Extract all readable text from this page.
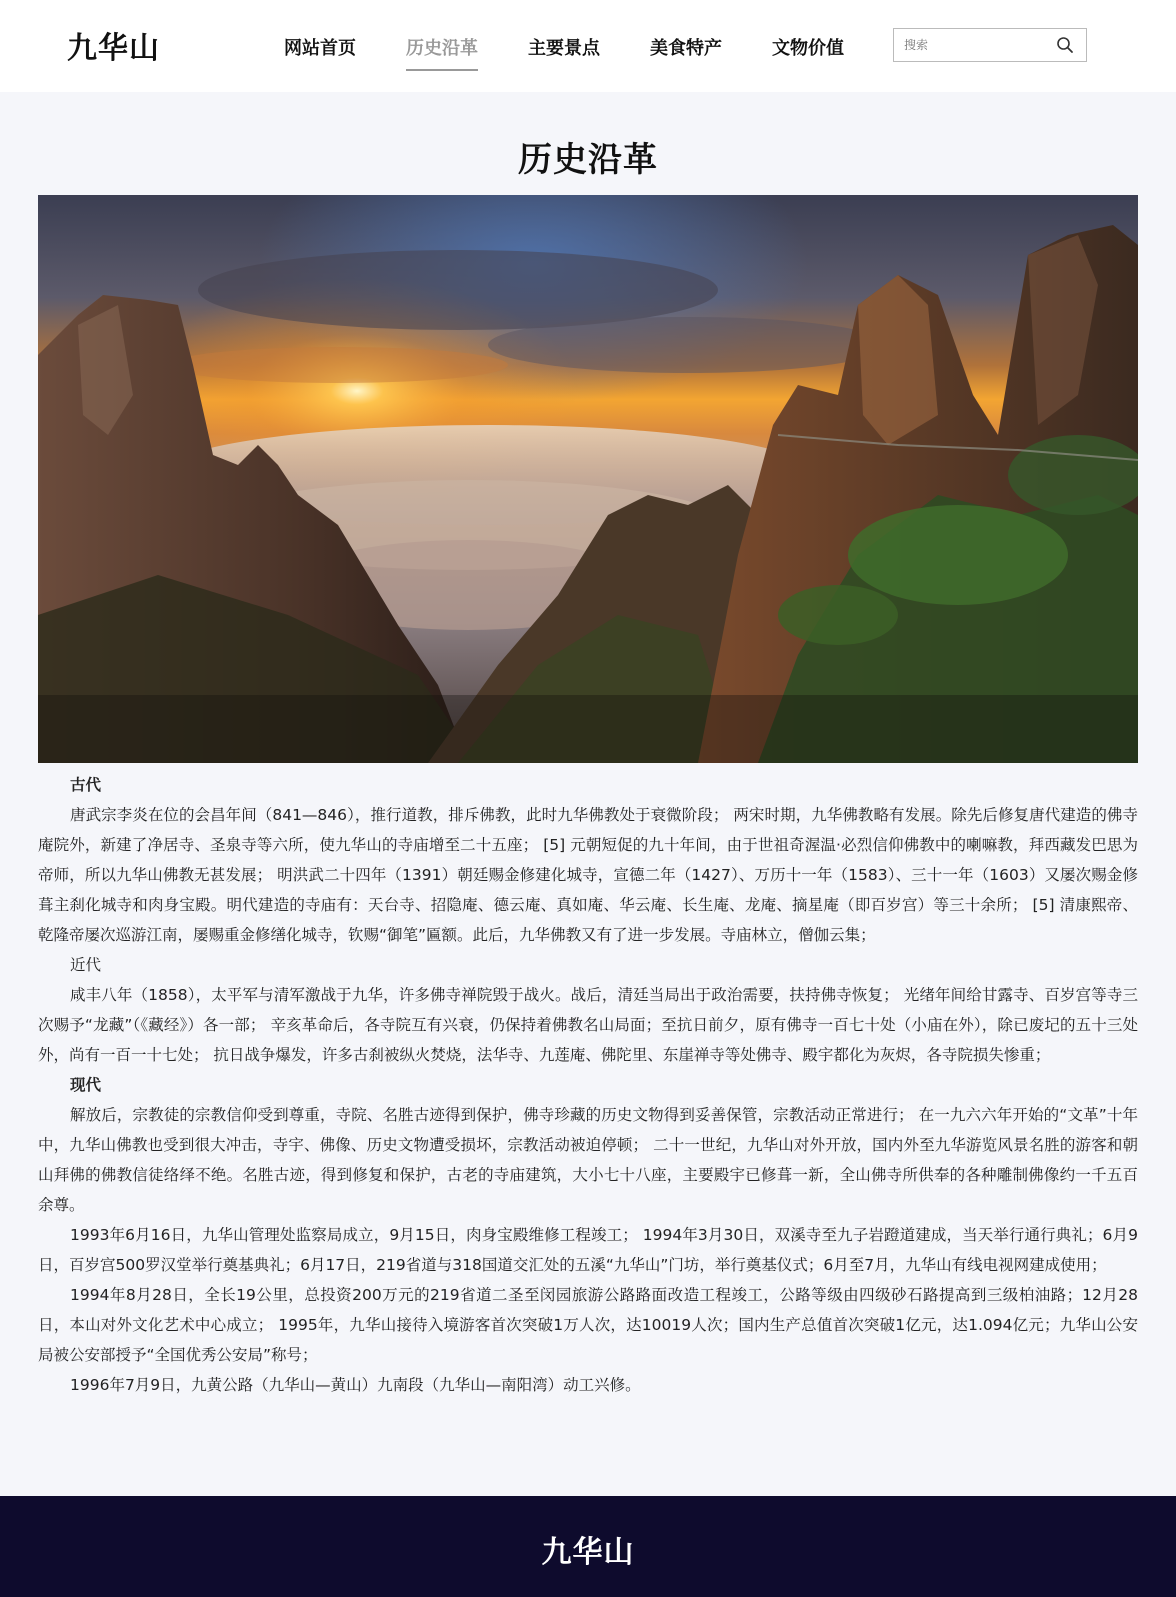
九华山	网站首页	历史沿革	主要景点	美食特产	文物价值
搜索
历史沿革

古代

唐武宗李炎在位的会昌年间（841—846），推行道教，排斥佛教，此时九华佛教处于衰微阶段； 两宋时期，九华佛教略有发展。除先后修复唐代建造的佛寺庵院外，新建了净居寺、圣泉寺等六所，使九华山的寺庙增至二十五座； [5] 元朝短促的九十年间，由于世祖奇渥温·必烈信仰佛教中的喇嘛教，拜西藏发巴思为帝师，所以九华山佛教无甚发展； 明洪武二十四年（1391）朝廷赐金修建化城寺，宣德二年（1427）、万历十一年（1583）、三十一年（1603）又屡次赐金修葺主刹化城寺和肉身宝殿。明代建造的寺庙有：天台寺、招隐庵、德云庵、真如庵、华云庵、长生庵、龙庵、摘星庵（即百岁宫）等三十余所； [5] 清康熙帝、乾隆帝屡次巡游江南，屡赐重金修缮化城寺，钦赐“御笔”匾额。此后，九华佛教又有了进一步发展。寺庙林立，僧伽云集；

近代

咸丰八年（1858），太平军与清军激战于九华，许多佛寺禅院毁于战火。战后，清廷当局出于政治需要，扶持佛寺恢复； 光绪年间给甘露寺、百岁宫等寺三次赐予“龙藏”（《藏经》）各一部； 辛亥革命后，各寺院互有兴衰，仍保持着佛教名山局面；至抗日前夕，原有佛寺一百七十处（小庙在外），除已废圮的五十三处外，尚有一百一十七处； 抗日战争爆发，许多古刹被纵火焚烧，法华寺、九莲庵、佛陀里、东崖禅寺等处佛寺、殿宇都化为灰烬，各寺院损失惨重；

现代

解放后，宗教徒的宗教信仰受到尊重，寺院、名胜古迹得到保护，佛寺珍藏的历史文物得到妥善保管，宗教活动正常进行； 在一九六六年开始的“文革”十年中，九华山佛教也受到很大冲击，寺宇、佛像、历史文物遭受损坏，宗教活动被迫停顿； 二十一世纪，九华山对外开放，国内外至九华游览风景名胜的游客和朝山拜佛的佛教信徒络绎不绝。名胜古迹，得到修复和保护，古老的寺庙建筑，大小七十八座，主要殿宇已修葺一新，全山佛寺所供奉的各种雕制佛像约一千五百余尊。

1993年6月16日，九华山管理处监察局成立，9月15日，肉身宝殿维修工程竣工； 1994年3月30日，双溪寺至九子岩蹬道建成，当天举行通行典礼；6月9日，百岁宫500罗汉堂举行奠基典礼；6月17日，219省道与318国道交汇处的五溪“九华山”门坊，举行奠基仪式；6月至7月，九华山有线电视网建成使用；

1994年8月28日，全长19公里，总投资200万元的219省道二圣至闵园旅游公路路面改造工程竣工，公路等级由四级砂石路提高到三级柏油路；12月28日，本山对外文化艺术中心成立； 1995年，九华山接待入境游客首次突破1万人次，达10019人次；国内生产总值首次突破1亿元，达1.094亿元；九华山公安局被公安部授予“全国优秀公安局”称号；

1996年7月9日，九黄公路（九华山—黄山）九南段（九华山—南阳湾）动工兴修。

九华山
